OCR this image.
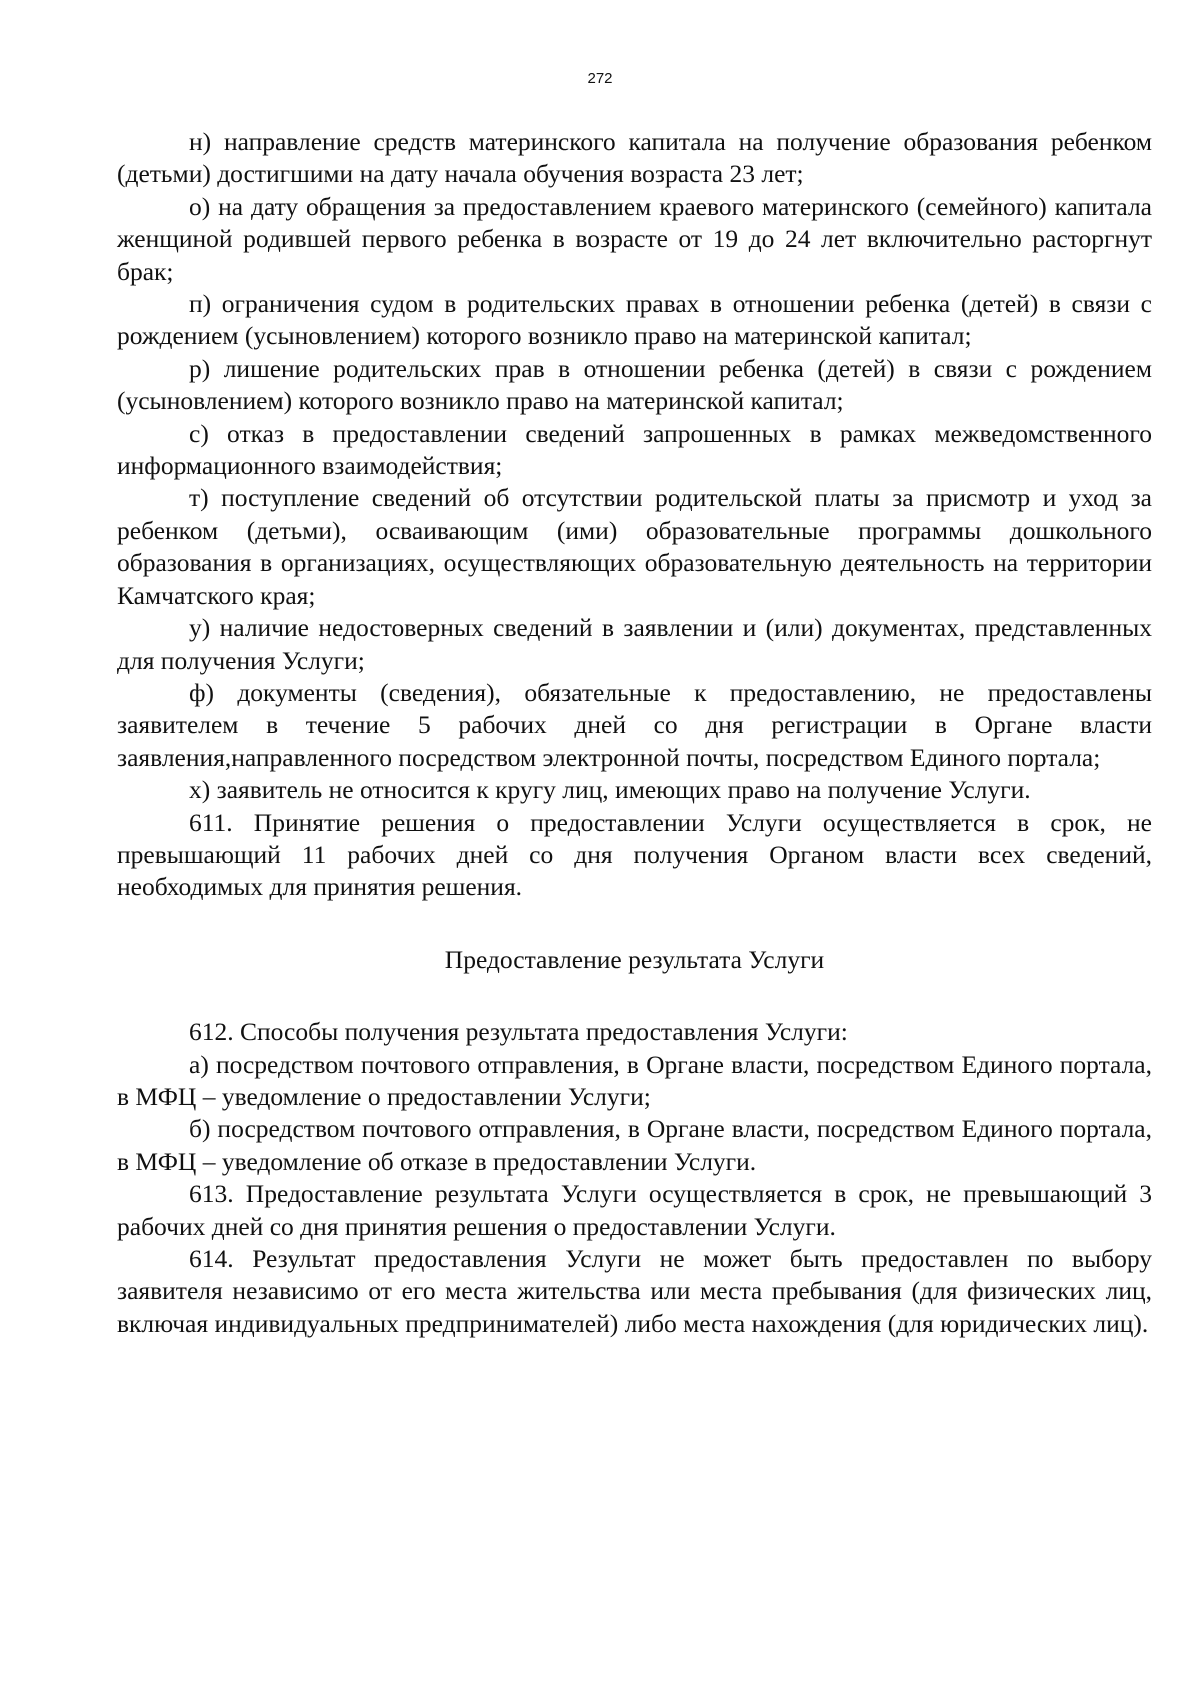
272

н) направление средств материнского капитала на получение образования ребенком (детьми) достигшими на дату начала обучения возраста 23 лет;

о) на дату обращения за предоставлением краевого материнского (семейного) капитала женщиной родившей первого ребенка в возрасте от 19 до 24 лет включительно расторгнут брак;

п) ограничения судом в родительских правах в отношении ребенка (детей) в связи с рождением (усыновлением) которого возникло право на материнской капитал;

р) лишение родительских прав в отношении ребенка (детей) в связи с рождением (усыновлением) которого возникло право на материнской капитал;

с) отказ в предоставлении сведений запрошенных в рамках межведомственного информационного взаимодействия;

т) поступление сведений об отсутствии родительской платы за присмотр и уход за ребенком (детьми), осваивающим (ими) образовательные программы дошкольного образования в организациях, осуществляющих образовательную деятельность на территории Камчатского края;

у) наличие недостоверных сведений в заявлении и (или) документах, представленных для получения Услуги;

ф) документы (сведения), обязательные к предоставлению, не предоставлены заявителем в течение 5 рабочих дней со дня регистрации в Органе власти заявления,направленного посредством электронной почты, посредством Единого портала;

х) заявитель не относится к кругу лиц, имеющих право на получение Услуги.

611. Принятие решения о предоставлении Услуги осуществляется в срок, не превышающий 11 рабочих дней со дня получения Органом власти всех сведений, необходимых для принятия решения.

Предоставление результата Услуги

612. Способы получения результата предоставления Услуги:

а) посредством почтового отправления, в Органе власти, посредством Единого портала, в МФЦ – уведомление о предоставлении Услуги;

б) посредством почтового отправления, в Органе власти, посредством Единого портала, в МФЦ – уведомление об отказе в предоставлении Услуги.

613. Предоставление результата Услуги осуществляется в срок, не превышающий 3 рабочих дней со дня принятия решения о предоставлении Услуги.

614. Результат предоставления Услуги не может быть предоставлен по выбору заявителя независимо от его места жительства или места пребывания (для физических лиц, включая индивидуальных предпринимателей) либо места нахождения (для юридических лиц).
